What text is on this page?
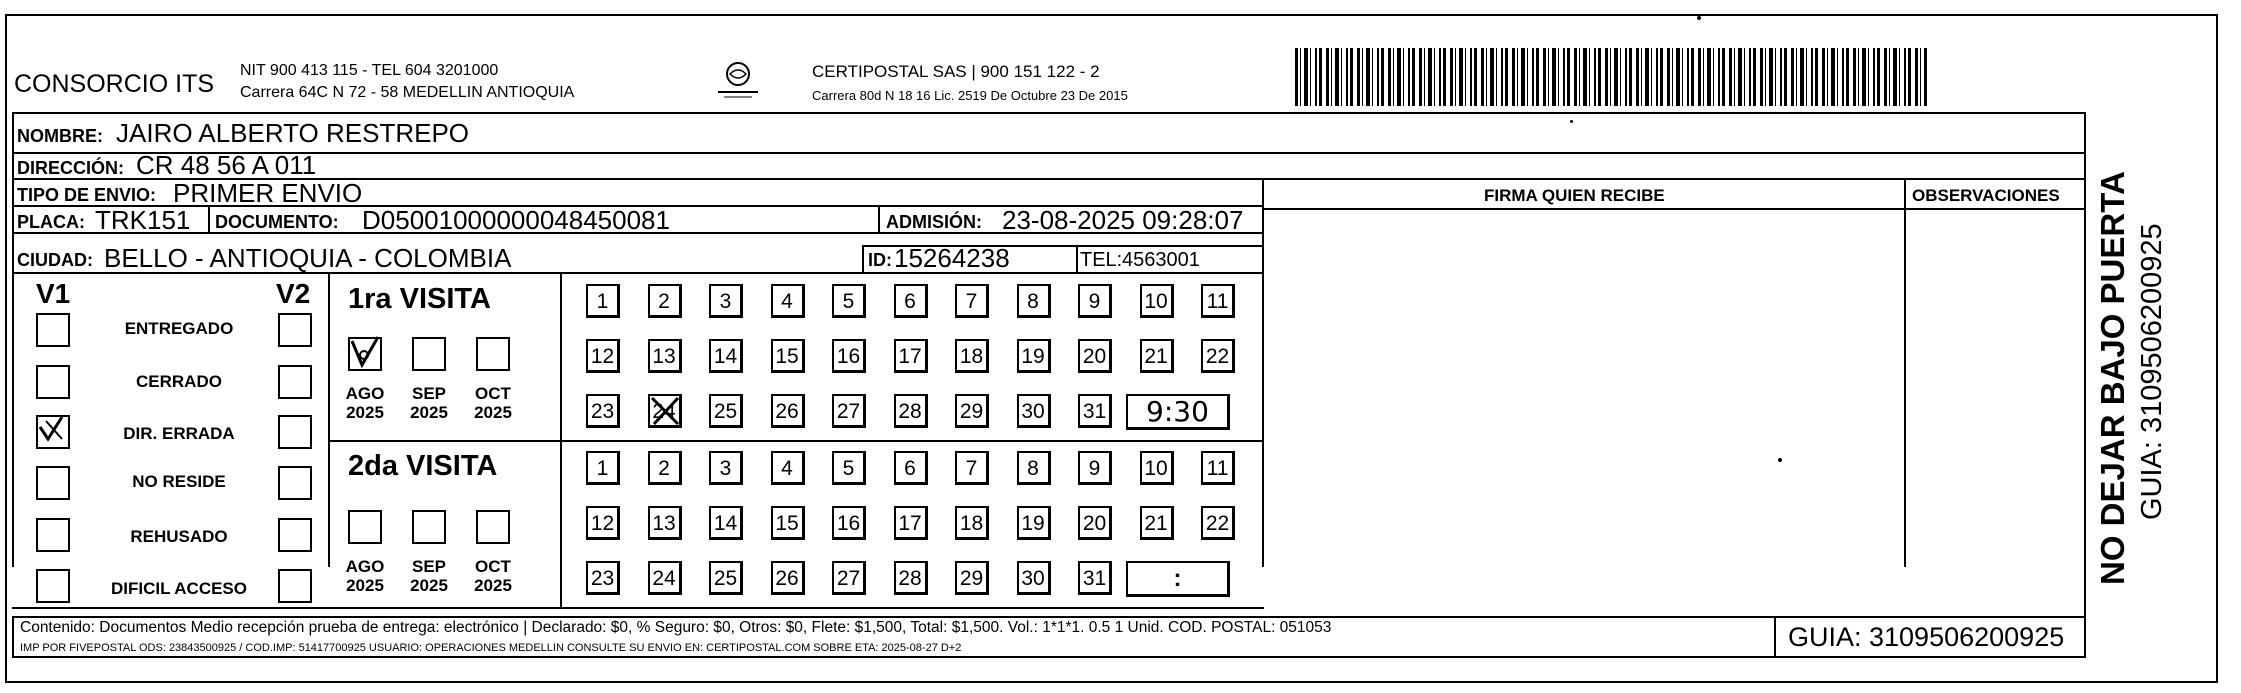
CONSORCIO ITS NIT 900 413 115 - TEL 604 3201000
Carrera 64C N 72 - 58 MEDELLIN ANTIOQUIA
CERTIPOSTAL SAS | 900 151 122 - 2
Carrera 80d N 18 16 Lic. 2519 De Octubre 23 De 2015
NOMBRE: JAIRO ALBERTO RESTREPO
DIRECCIÓN: CR 48 56 A 011
TIPO DE ENVIO: PRIMER ENVIO
PLACA: TRK151 DOCUMENTO: D05001000000048450081	ADMISIÓN: 23-08-2025 09:28:07
CIUDAD: BELLO - ANTIOQUIA - COLOMBIA	ID: 15264238	TEL: 4563001
FIRMA QUIEN RECIBE	OBSERVACIONES
V1	V2
ENTREGADO
CERRADO
DIR. ERRADA
NO RESIDE
REHUSADO
DIFICIL ACCESO
1ra VISITA
AGO
2025
SEP
2025
OCT
2025
2da VISITA
AGO
2025
SEP
2025
OCT
2025
1	2	3	4	5	6	7	8	9	10 11
12 13 14 15 16 17 18 19 20 21 22
23 24 25 26 27 28 29 30 31
1	2	3	4	5	6	7	8	9	10 11
12 13 14 15 16 17 18 19 20 21 22
23 24 25 26 27 28 29 30 31
9:30
:
Contenido: Documentos Medio recepción prueba de entrega: electrónico | Declarado: $0, % Seguro: $0, Otros: $0, Flete: $1,500, Total: $1,500. Vol.: 1*1*1. 0.5 1 Unid. COD. POSTAL: 051053
IMP POR FIVEPOSTAL ODS: 23843500925 / COD.IMP: 51417700925 USUARIO: OPERACIONES MEDELLIN CONSULTE SU ENVIO EN: CERTIPOSTAL.COM SOBRE ETA: 2025-08-27 D+2	GUIA: 3109506200925
NO DEJAR BAJO PUERTA GUIA: 3109506200925
